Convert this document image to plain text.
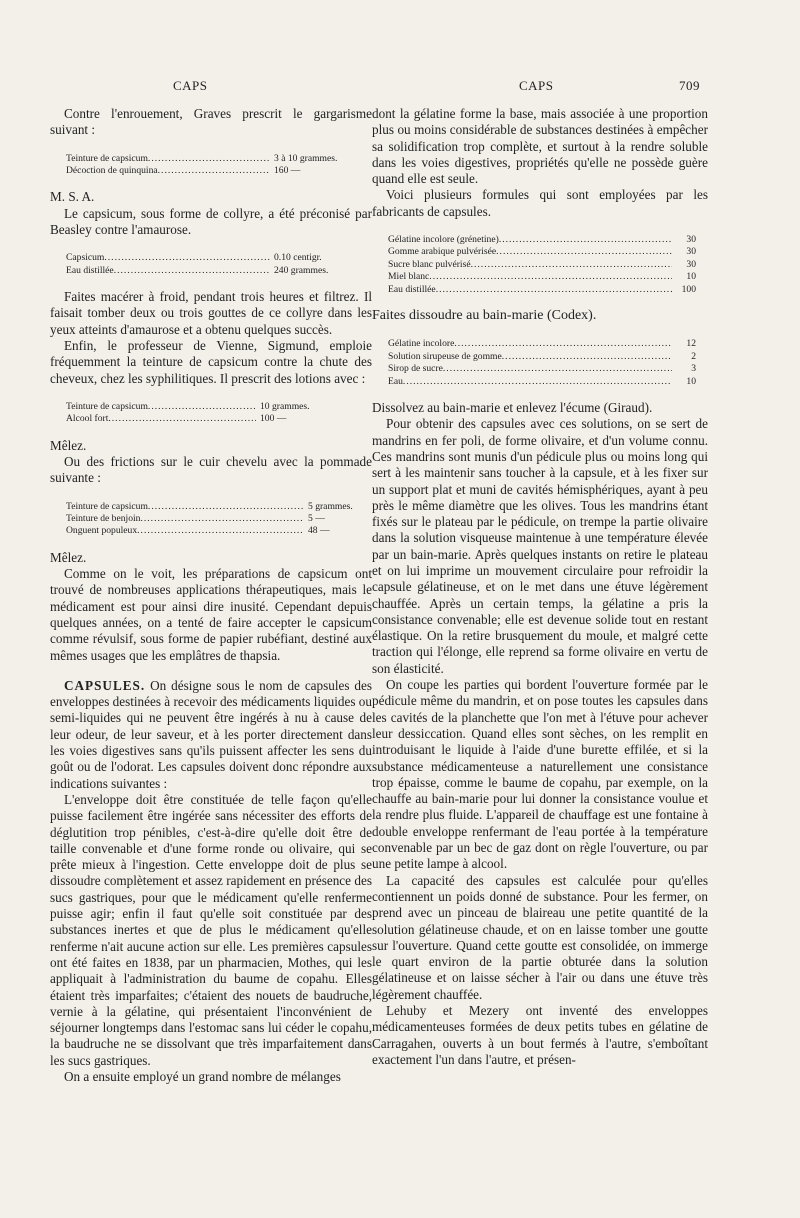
CAPS	CAPS	709

Contre l'enrouement, Graves prescrit le gargarisme suivant :

Teinture de capsicum .....	3 à 10 grammes.
Décoction de quinquina .....	160 —

M. S. A.

Le capsicum, sous forme de collyre, a été préconisé par Beasley contre l'amaurose.

Capsicum .....	0.10 centigr.
Eau distillée .....	240 grammes.

Faites macérer à froid, pendant trois heures et filtrez. Il faisait tomber deux ou trois gouttes de ce collyre dans les yeux atteints d'amaurose et a obtenu quelques succès.

Enfin, le professeur de Vienne, Sigmund, emploie fréquemment la teinture de capsicum contre la chute des cheveux, chez les syphilitiques. Il prescrit des lotions avec :

Teinture de capsicum .....	10 grammes.
Alcool fort .....	100 —

Mêlez.

Ou des frictions sur le cuir chevelu avec la pommade suivante :

Teinture de capsicum .....	5 grammes.
Teinture de benjoin .....	5 —
Onguent populeux .....	48 —

Mêlez.

Comme on le voit, les préparations de capsicum ont trouvé de nombreuses applications thérapeutiques, mais le médicament est pour ainsi dire inusité. Cependant depuis quelques années, on a tenté de faire accepter le capsicum comme révulsif, sous forme de papier rubéfiant, destiné aux mêmes usages que les emplâtres de thapsia.

CAPSULES. On désigne sous le nom de capsules des enveloppes destinées à recevoir des médicaments liquides ou semi-liquides qui ne peuvent être ingérés à nu à cause de leur odeur, de leur saveur, et à les porter directement dans les voies digestives sans qu'ils puissent affecter les sens du goût ou de l'odorat. Les capsules doivent donc répondre aux indications suivantes :

L'enveloppe doit être constituée de telle façon qu'elle puisse facilement être ingérée sans nécessiter des efforts de déglutition trop pénibles, c'est-à-dire qu'elle doit être de taille convenable et d'une forme ronde ou olivaire, qui se prête mieux à l'ingestion. Cette enveloppe doit de plus se dissoudre complètement et assez rapidement en présence des sucs gastriques, pour que le médicament qu'elle renferme puisse agir; enfin il faut qu'elle soit constituée par des substances inertes et que de plus le médicament qu'elle renferme n'ait aucune action sur elle. Les premières capsules ont été faites en 1838, par un pharmacien, Mothes, qui les appliquait à l'administration du baume de copahu. Elles étaient très imparfaites; c'étaient des nouets de baudruche, vernie à la gélatine, qui présentaient l'inconvénient de séjourner longtemps dans l'estomac sans lui céder le copahu, la baudruche ne se dissolvant que très imparfaitement dans les sucs gastriques.

On a ensuite employé un grand nombre de mélanges

dont la gélatine forme la base, mais associée à une proportion plus ou moins considérable de substances destinées à empêcher sa solidification trop complète, et surtout à la rendre soluble dans les voies digestives, propriétés qu'elle ne possède guère quand elle est seule.

Voici plusieurs formules qui sont employées par les fabricants de capsules.

Gélatine incolore (grénetine) .....	30
Gomme arabique pulvérisée .....	30
Sucre blanc pulvérisé .....	30
Miel blanc .....	10
Eau distillée .....	100

Faites dissoudre au bain-marie (Codex).

Gélatine incolore .....	12
Solution sirupeuse de gomme .....	2
Sirop de sucre .....	3
Eau .....	10

Dissolvez au bain-marie et enlevez l'écume (Giraud).

Pour obtenir des capsules avec ces solutions, on se sert de mandrins en fer poli, de forme olivaire, et d'un volume connu. Ces mandrins sont munis d'un pédicule plus ou moins long qui sert à les maintenir sans toucher à la capsule, et à les fixer sur un support plat et muni de cavités hémisphériques, ayant à peu près le même diamètre que les olives. Tous les mandrins étant fixés sur le plateau par le pédicule, on trempe la partie olivaire dans la solution visqueuse maintenue à une température élevée par un bain-marie. Après quelques instants on retire le plateau et on lui imprime un mouvement circulaire pour refroidir la capsule gélatineuse, et on le met dans une étuve légèrement chauffée. Après un certain temps, la gélatine a pris la consistance convenable; elle est devenue solide tout en restant élastique. On la retire brusquement du moule, et malgré cette traction qui l'élonge, elle reprend sa forme olivaire en vertu de son élasticité.

On coupe les parties qui bordent l'ouverture formée par le pédicule même du mandrin, et on pose toutes les capsules dans les cavités de la planchette que l'on met à l'étuve pour achever leur dessiccation. Quand elles sont sèches, on les remplit en introduisant le liquide à l'aide d'une burette effilée, et si la substance médicamenteuse a naturellement une consistance trop épaisse, comme le baume de copahu, par exemple, on la chauffe au bain-marie pour lui donner la consistance voulue et la rendre plus fluide. L'appareil de chauffage est une fontaine à double enveloppe renfermant de l'eau portée à la température convenable par un bec de gaz dont on règle l'ouverture, ou par une petite lampe à alcool.

La capacité des capsules est calculée pour qu'elles contiennent un poids donné de substance. Pour les fermer, on prend avec un pinceau de blaireau une petite quantité de la solution gélatineuse chaude, et on en laisse tomber une goutte sur l'ouverture. Quand cette goutte est consolidée, on immerge le quart environ de la partie obturée dans la solution gélatineuse et on laisse sécher à l'air ou dans une étuve très légèrement chauffée.

Lehuby et Mezery ont inventé des enveloppes médicamenteuses formées de deux petits tubes en gélatine de Carragahen, ouverts à un bout fermés à l'autre, s'emboîtant exactement l'un dans l'autre, et présen-
